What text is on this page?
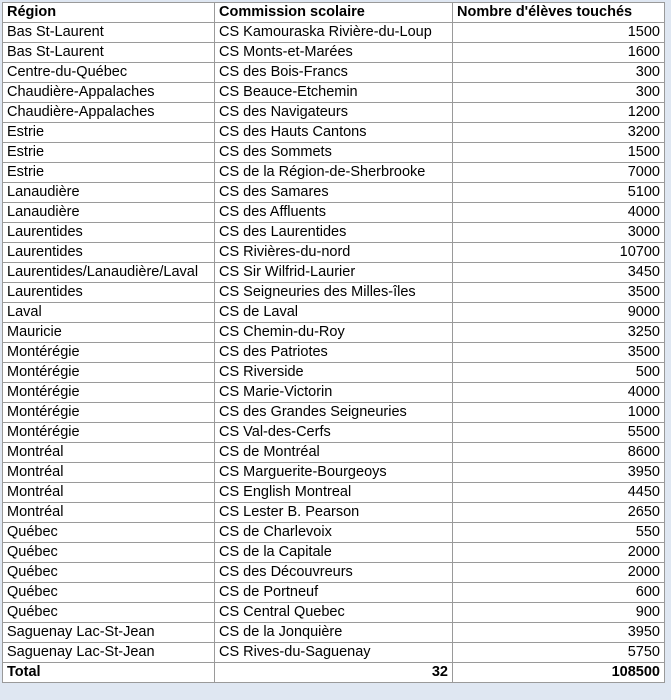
Région	Commission scolaire	Nombre d'élèves touchés
Bas St-Laurent	CS Kamouraska Rivière-du-Loup	1500
Bas St-Laurent	CS Monts-et-Marées	1600
Centre-du-Québec	CS des Bois-Francs	300
Chaudière-Appalaches	CS Beauce-Etchemin	300
Chaudière-Appalaches	CS des Navigateurs	1200
Estrie	CS des Hauts Cantons	3200
Estrie	CS des Sommets	1500
Estrie	CS de la Région-de-Sherbrooke	7000
Lanaudière	CS des Samares	5100
Lanaudière	CS des Affluents	4000
Laurentides	CS des Laurentides	3000
Laurentides	CS Rivières-du-nord	10700
Laurentides/Lanaudière/Laval	CS Sir Wilfrid-Laurier	3450
Laurentides	CS Seigneuries des Milles-îles	3500
Laval	CS de Laval	9000
Mauricie	CS Chemin-du-Roy	3250
Montérégie	CS des Patriotes	3500
Montérégie	CS Riverside	500
Montérégie	CS Marie-Victorin	4000
Montérégie	CS des Grandes Seigneuries	1000
Montérégie	CS Val-des-Cerfs	5500
Montréal	CS de Montréal	8600
Montréal	CS Marguerite-Bourgeoys	3950
Montréal	CS English Montreal	4450
Montréal	CS Lester B. Pearson	2650
Québec	CS de Charlevoix	550
Québec	CS de la Capitale	2000
Québec	CS des Découvreurs	2000
Québec	CS de Portneuf	600
Québec	CS Central Quebec	900
Saguenay Lac-St-Jean	CS de la Jonquière	3950
Saguenay Lac-St-Jean	CS Rives-du-Saguenay	5750
Total	32	108500
